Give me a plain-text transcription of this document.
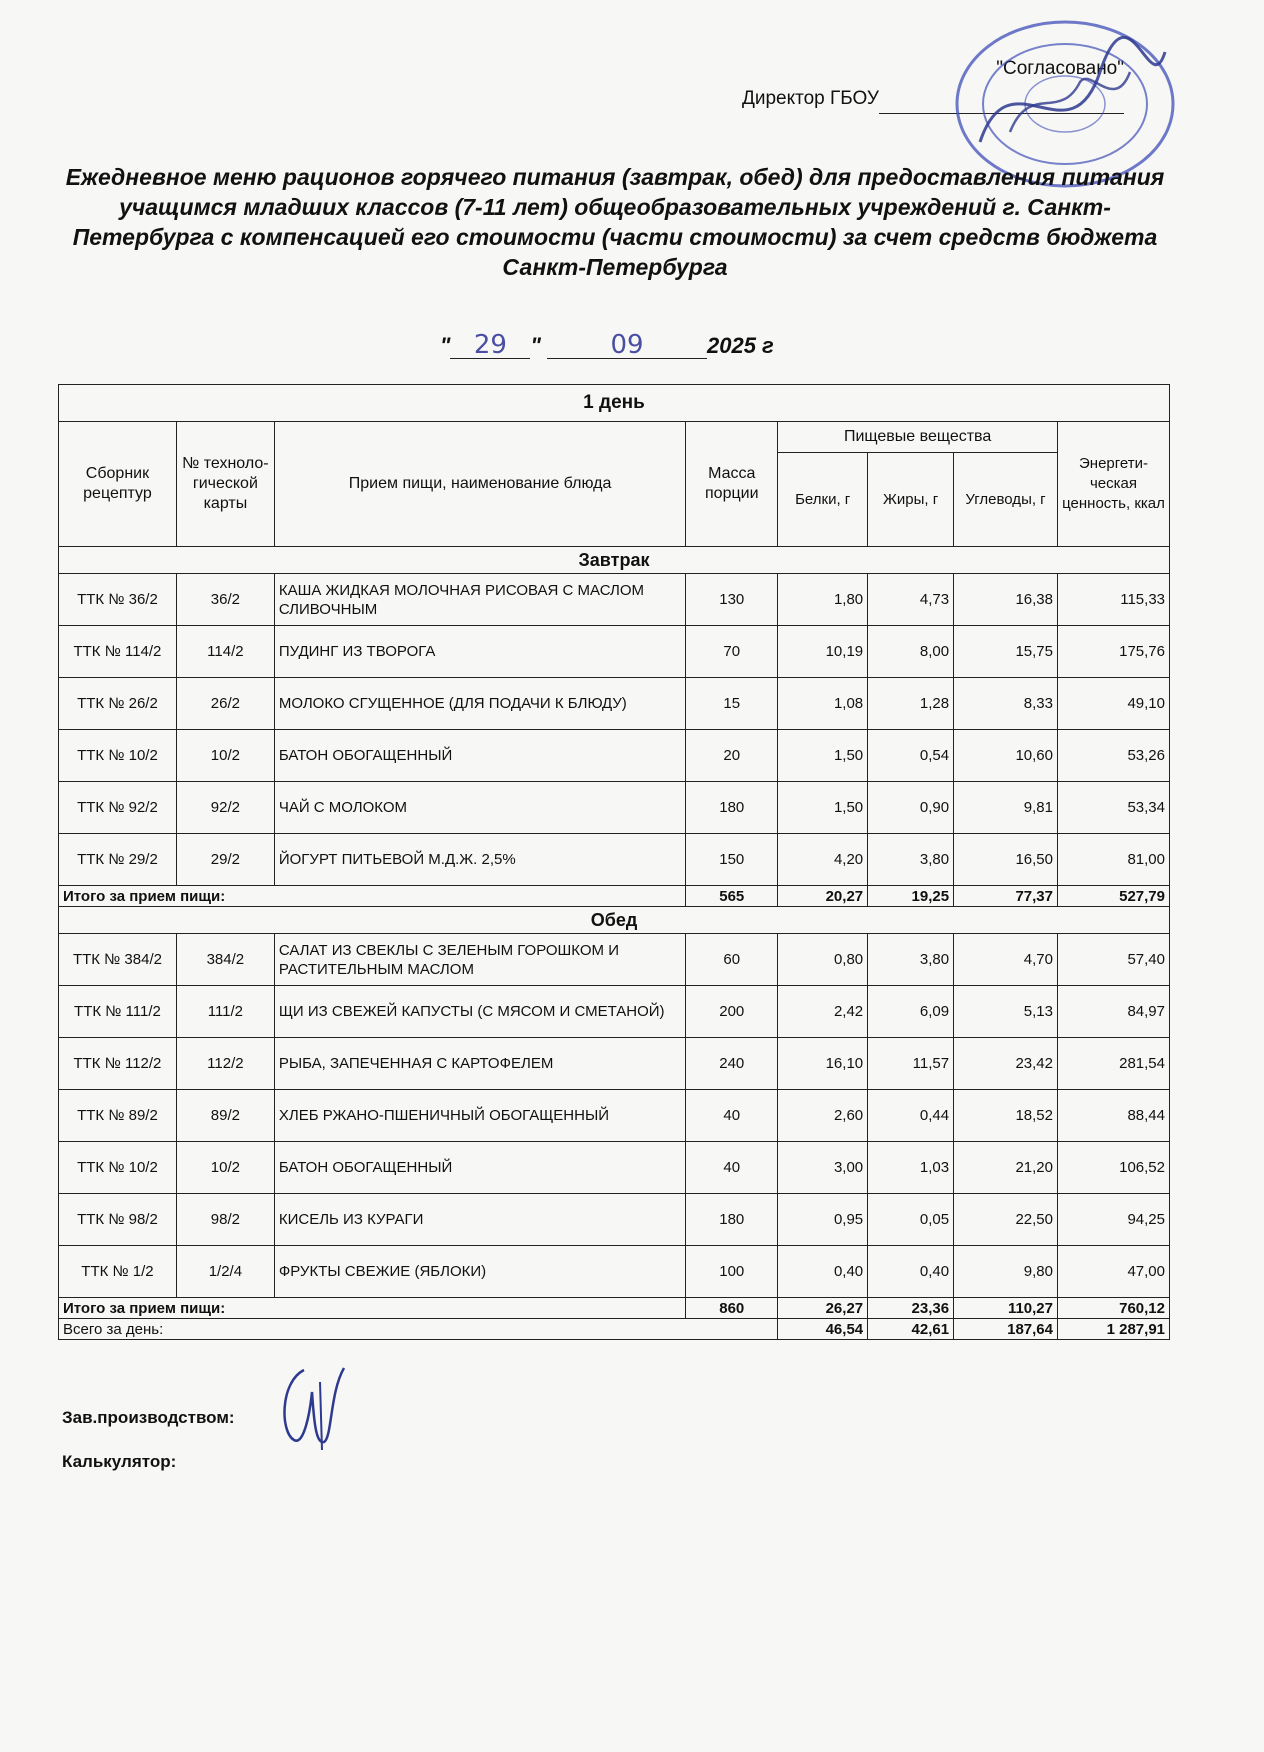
"Согласовано"
Директор ГБОУ
Ежедневное меню рационов горячего питания (завтрак, обед) для предоставления питания учащимся младших классов (7-11 лет) общеобразовательных учреждений г. Санкт-Петербурга с компенсацией его стоимости (части стоимости) за счет средств бюджета Санкт-Петербурга
" 29 " 09	2025 г
1 день							
Сборник рецептур	№ техноло-гической карты	Прием пищи, наименование блюда	Масса порции	Пищевые вещества			Энергети-ческая ценность, ккал
				Белки, г	Жиры, г	Углеводы, г	
Завтрак							
ТТК № 36/2	36/2	КАША ЖИДКАЯ МОЛОЧНАЯ РИСОВАЯ С МАСЛОМ СЛИВОЧНЫМ	130	1,80	4,73	16,38	115,33
ТТК № 114/2	114/2	ПУДИНГ ИЗ ТВОРОГА	70	10,19	8,00	15,75	175,76
ТТК № 26/2	26/2	МОЛОКО СГУЩЕННОЕ (ДЛЯ ПОДАЧИ К БЛЮДУ)	15	1,08	1,28	8,33	49,10
ТТК № 10/2	10/2	БАТОН ОБОГАЩЕННЫЙ	20	1,50	0,54	10,60	53,26
ТТК № 92/2	92/2	ЧАЙ С МОЛОКОМ	180	1,50	0,90	9,81	53,34
ТТК № 29/2	29/2	ЙОГУРТ ПИТЬЕВОЙ М.Д.Ж. 2,5%	150	4,20	3,80	16,50	81,00
Итого за прием пищи:			565	20,27	19,25	77,37	527,79
Обед							
ТТК № 384/2	384/2	САЛАТ ИЗ СВЕКЛЫ С ЗЕЛЕНЫМ ГОРОШКОМ И РАСТИТЕЛЬНЫМ МАСЛОМ	60	0,80	3,80	4,70	57,40
ТТК № 111/2	111/2	ЩИ ИЗ СВЕЖЕЙ КАПУСТЫ (С МЯСОМ И СМЕТАНОЙ)	200	2,42	6,09	5,13	84,97
ТТК № 112/2	112/2	РЫБА, ЗАПЕЧЕННАЯ С КАРТОФЕЛЕМ	240	16,10	11,57	23,42	281,54
ТТК № 89/2	89/2	ХЛЕБ РЖАНО-ПШЕНИЧНЫЙ ОБОГАЩЕННЫЙ	40	2,60	0,44	18,52	88,44
ТТК № 10/2	10/2	БАТОН ОБОГАЩЕННЫЙ	40	3,00	1,03	21,20	106,52
ТТК № 98/2	98/2	КИСЕЛЬ ИЗ КУРАГИ	180	0,95	0,05	22,50	94,25
ТТК № 1/2	1/2/4	ФРУКТЫ СВЕЖИЕ (ЯБЛОКИ)	100	0,40	0,40	9,80	47,00
Итого за прием пищи:			860	26,27	23,36	110,27	760,12
Всего за день:				46,54	42,61	187,64	1 287,91
Зав.производством:
Калькулятор:
